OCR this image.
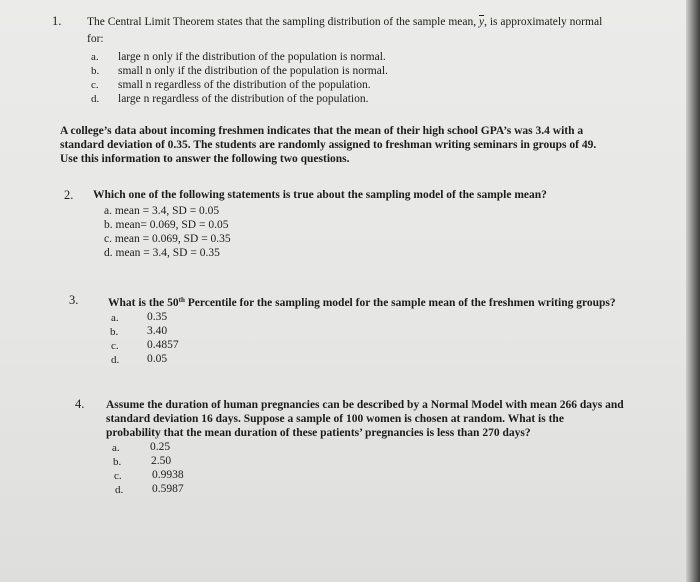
1. The Central Limit Theorem states that the sampling distribution of the sample mean, $\overline{y}$, is approximately normal
for:
a. large n only if the distribution of the population is normal.
b. small n only if the distribution of the population is normal.
c. small n regardless of the distribution of the population.
d. large n regardless of the distribution of the population.
A college’s data about incoming freshmen indicates that the mean of their high school GPA’s was 3.4 with a
standard deviation of 0.35. The students are randomly assigned to freshman writing seminars in groups of 49.
Use this information to answer the following two questions.
2. Which one of the following statements is true about the sampling model of the sample mean?
a. mean = 3.4, SD = 0.05
b. mean= 0.069, SD = 0.05
c. mean = 0.069, SD = 0.35
d. mean = 3.4, SD = 0.35
3.	What is the 50th Percentile for the sampling model for the sample mean of the freshmen writing groups?
a. 0.35
b.	3.40
c. 0.4857
d. 0.05
4. Assume the duration of human pregnancies can be described by a Normal Model with mean 266 days and
standard deviation 16 days. Suppose a sample of 100 women is chosen at random. What is the
probability that the mean duration of these patients’ pregnancies is less than 270 days?
a.	0.25
b.	2.50
c.	0.9938
d.	0.5987
